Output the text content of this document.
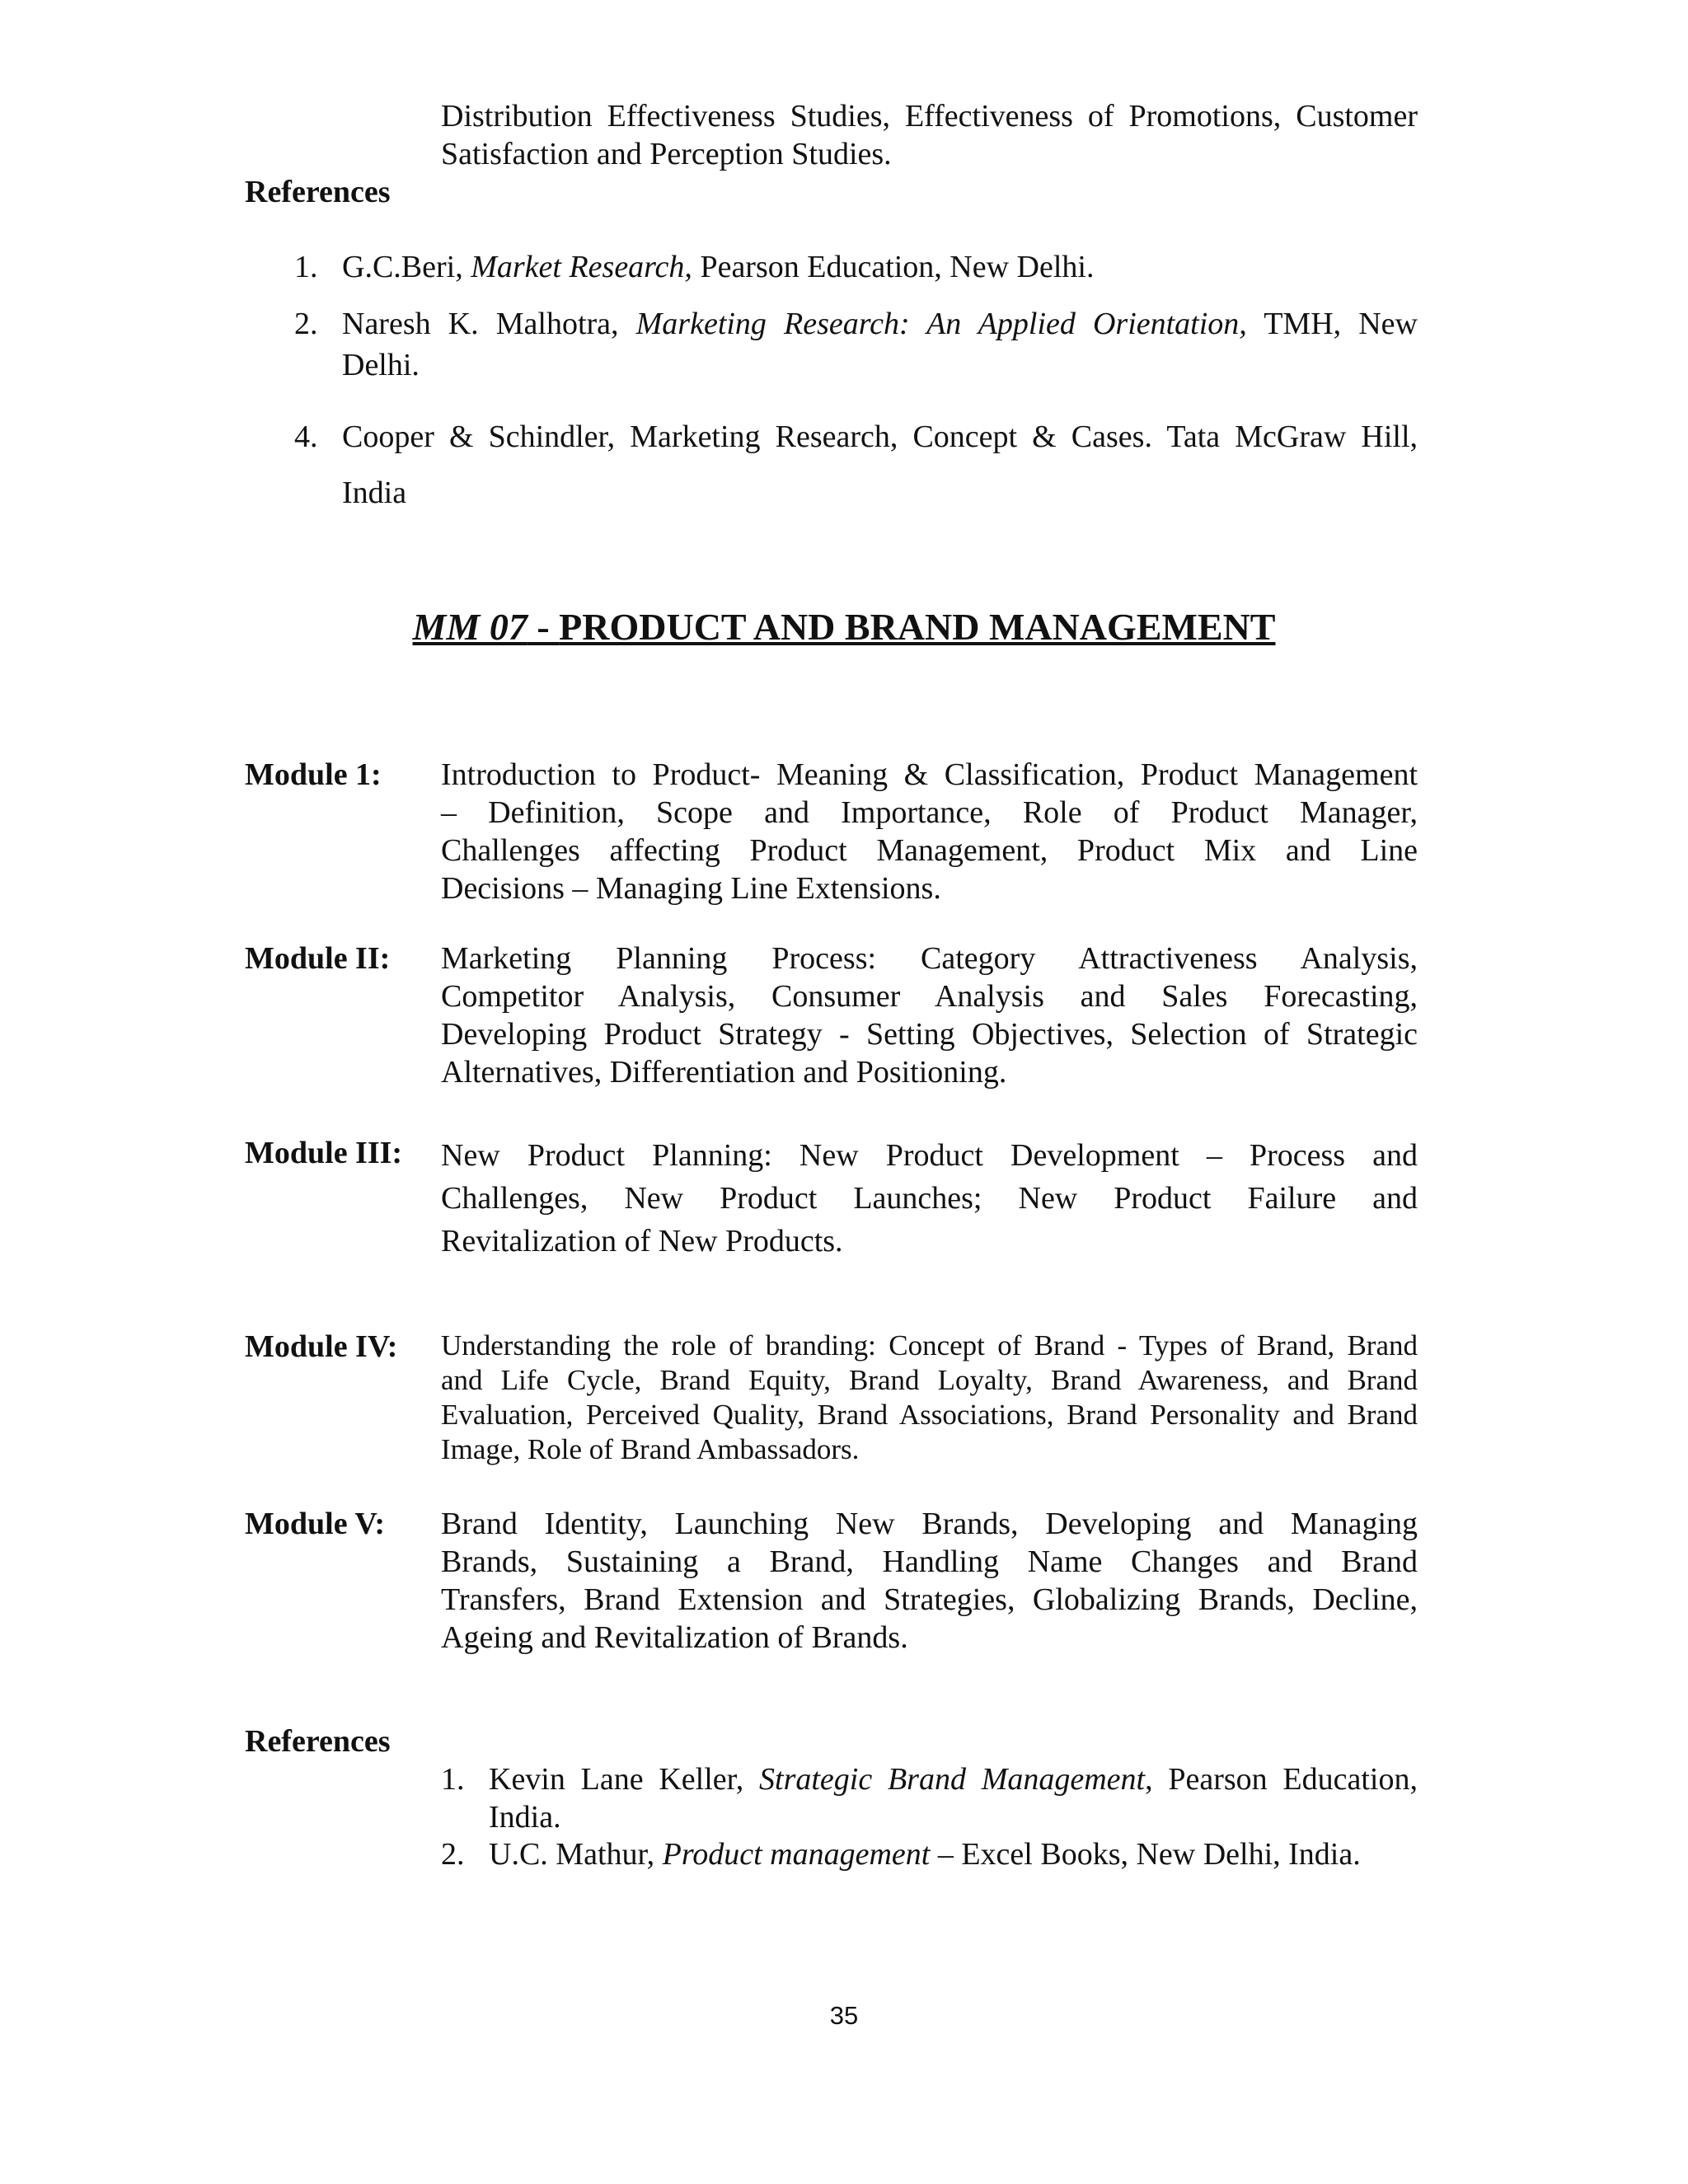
Distribution Effectiveness Studies, Effectiveness of Promotions, Customer
Satisfaction and Perception Studies.
References
1. G.C.Beri, Market Research, Pearson Education, New Delhi.
2. Naresh K. Malhotra, Marketing Research: An Applied Orientation, TMH, New
Delhi.
4. Cooper & Schindler, Marketing Research, Concept & Cases. Tata McGraw Hill,
India
MM 07 - PRODUCT AND BRAND MANAGEMENT
Module 1: Introduction to Product- Meaning & Classification, Product Management
– Definition, Scope and Importance, Role of Product Manager,
Challenges affecting Product Management, Product Mix and Line
Decisions – Managing Line Extensions.
Module II: Marketing Planning Process: Category Attractiveness Analysis,
Competitor Analysis, Consumer Analysis and Sales Forecasting,
Developing Product Strategy - Setting Objectives, Selection of Strategic
Alternatives, Differentiation and Positioning.
Module III: New Product Planning: New Product Development – Process and
Challenges, New Product Launches; New Product Failure and
Revitalization of New Products.
Module IV: Understanding the role of branding: Concept of Brand - Types of Brand, Brand
and Life Cycle, Brand Equity, Brand Loyalty, Brand Awareness, and Brand
Evaluation, Perceived Quality, Brand Associations, Brand Personality and Brand
Image, Role of Brand Ambassadors.
Module V: Brand Identity, Launching New Brands, Developing and Managing
Brands, Sustaining a Brand, Handling Name Changes and Brand
Transfers, Brand Extension and Strategies, Globalizing Brands, Decline,
Ageing and Revitalization of Brands.
References
1. Kevin Lane Keller, Strategic Brand Management, Pearson Education,
India.
2. U.C. Mathur, Product management – Excel Books, New Delhi, India.
35
